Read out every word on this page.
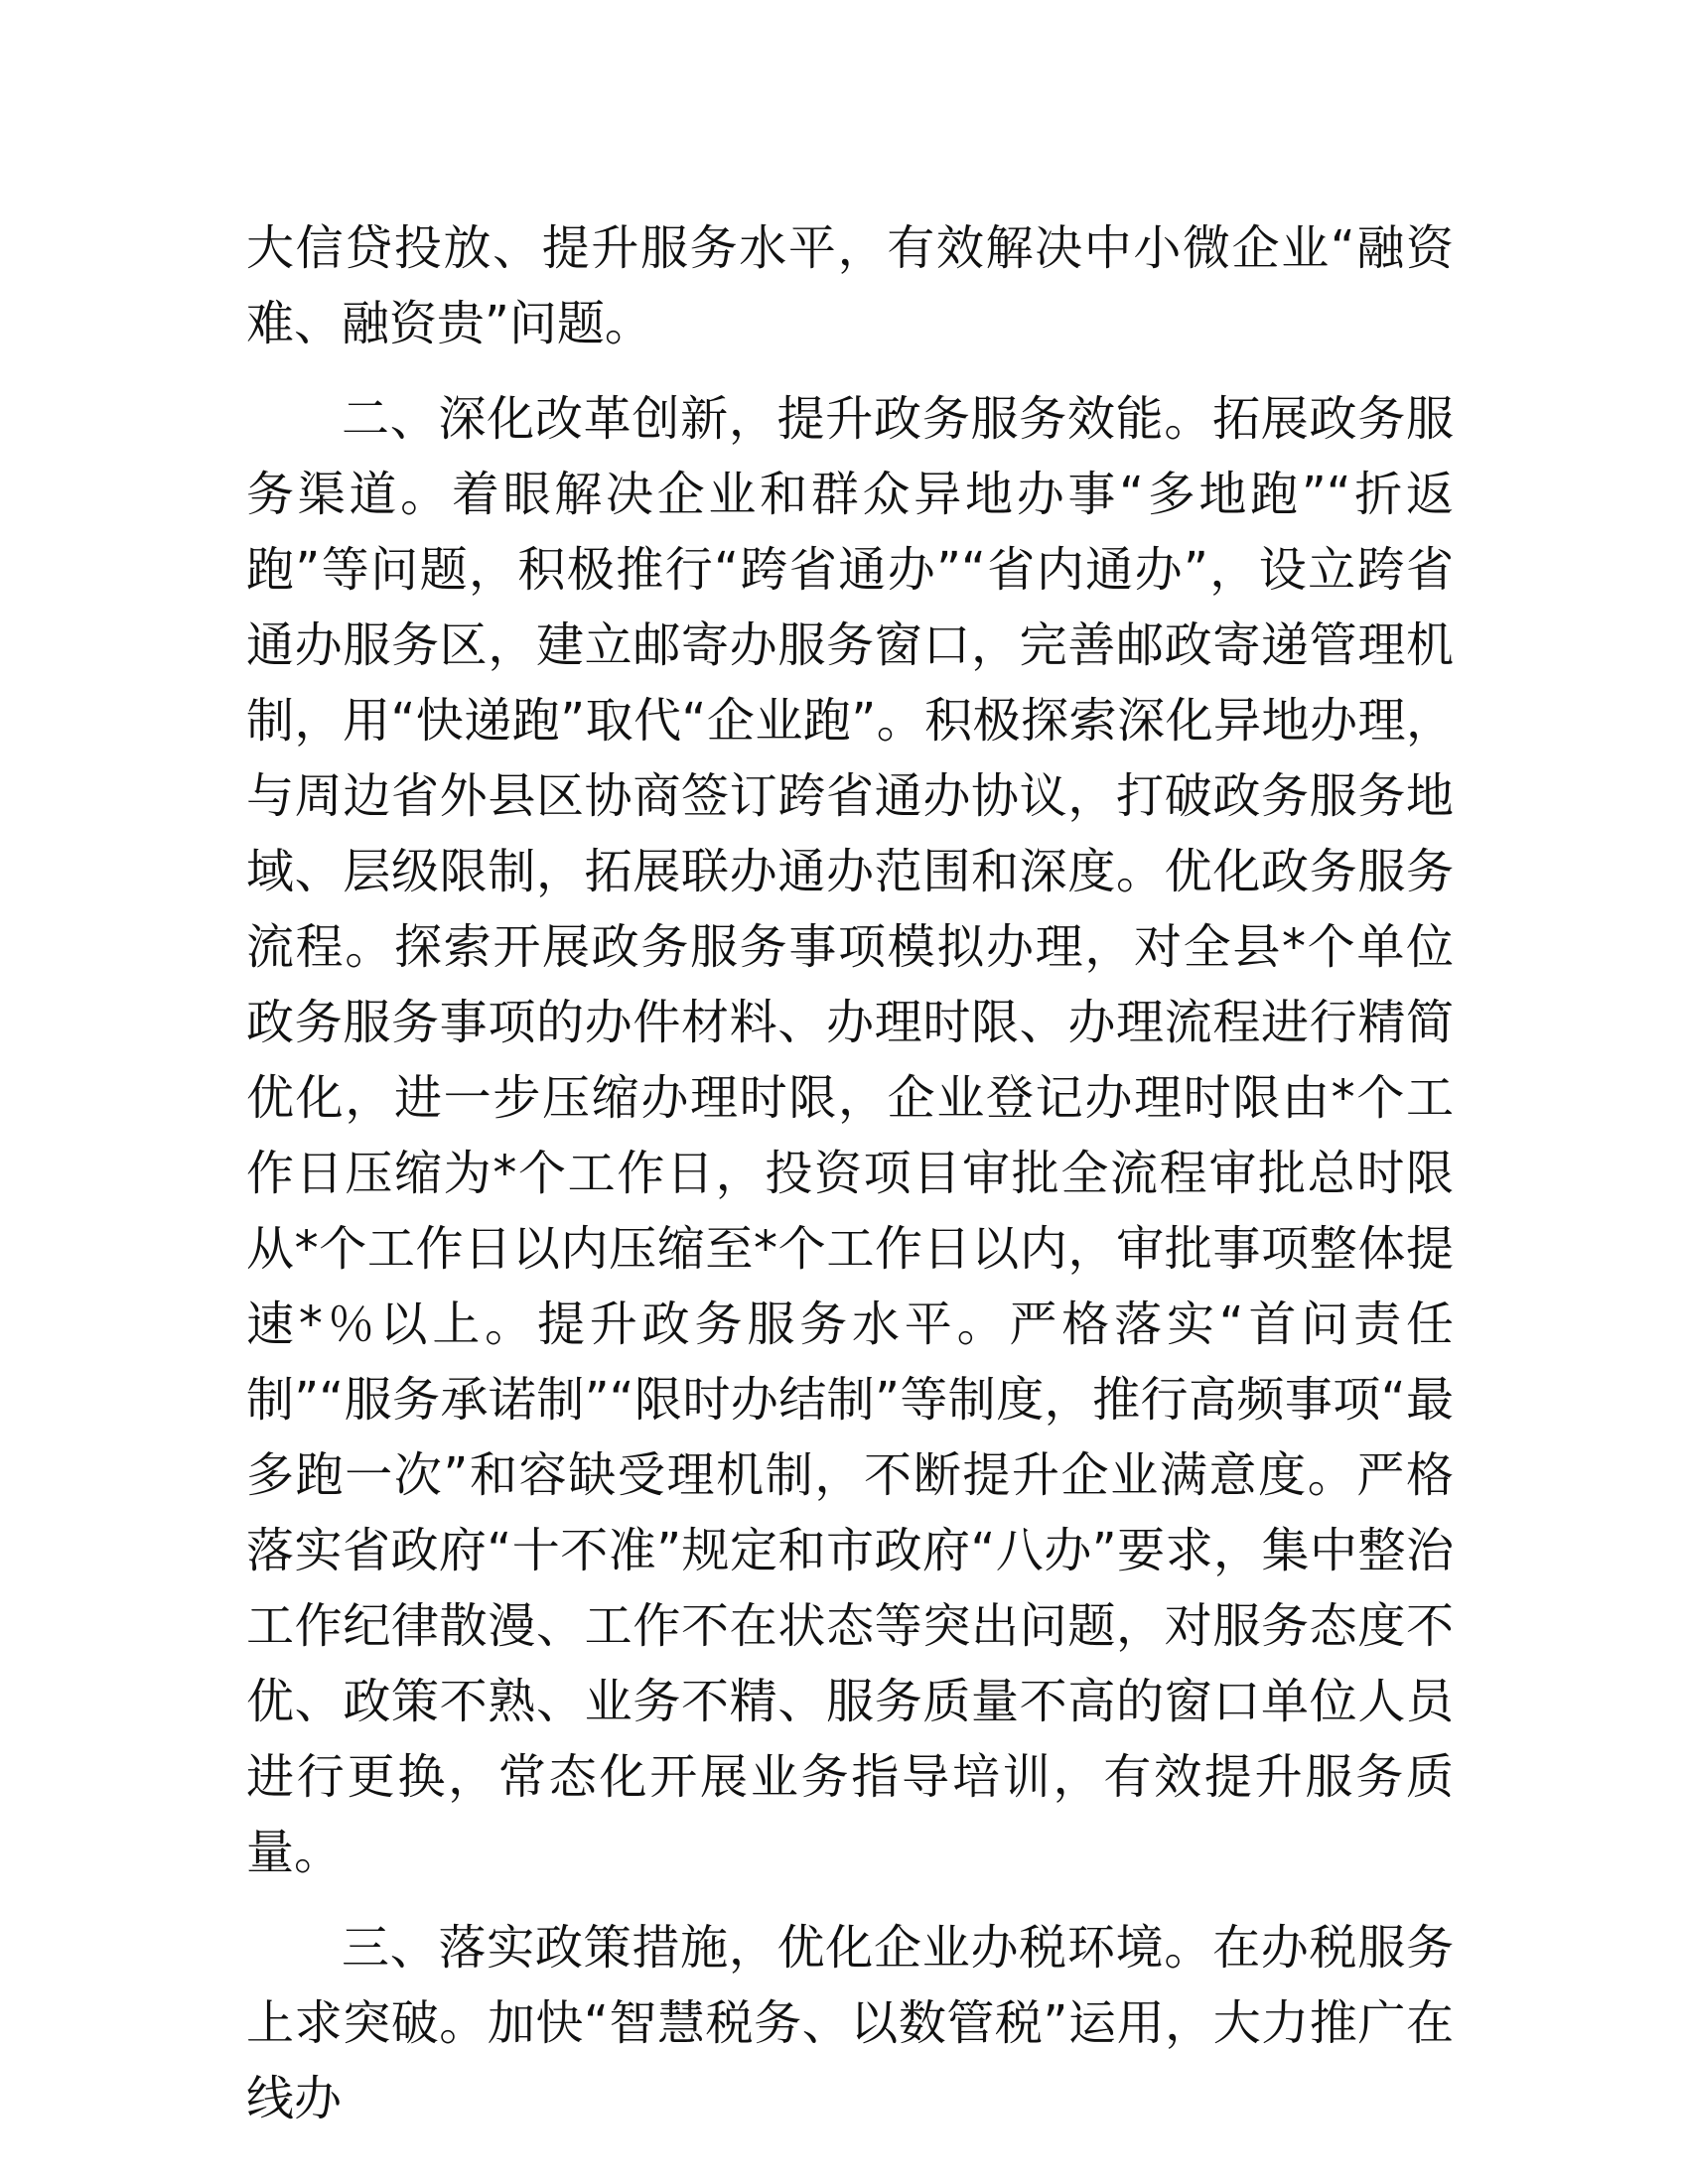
大信贷投放、提升服务水平，有效解决中小微企业“融资难、融资贵”问题。

二、深化改革创新，提升政务服务效能。拓展政务服务渠道。着眼解决企业和群众异地办事“多地跑”“折返跑”等问题，积极推行“跨省通办”“省内通办”，设立跨省通办服务区，建立邮寄办服务窗口，完善邮政寄递管理机制，用“快递跑”取代“企业跑”。积极探索深化异地办理，与周边省外县区协商签订跨省通办协议，打破政务服务地域、层级限制，拓展联办通办范围和深度。优化政务服务流程。探索开展政务服务事项模拟办理，对全县*个单位政务服务事项的办件材料、办理时限、办理流程进行精简优化，进一步压缩办理时限，企业登记办理时限由*个工作日压缩为*个工作日，投资项目审批全流程审批总时限从*个工作日以内压缩至*个工作日以内，审批事项整体提速*％以上。提升政务服务水平。严格落实“首问责任制”“服务承诺制”“限时办结制”等制度，推行高频事项“最多跑一次”和容缺受理机制，不断提升企业满意度。严格落实省政府“十不准”规定和市政府“八办”要求，集中整治工作纪律散漫、工作不在状态等突出问题，对服务态度不优、政策不熟、业务不精、服务质量不高的窗口单位人员进行更换，常态化开展业务指导培训，有效提升服务质量。

三、落实政策措施，优化企业办税环境。在办税服务上求突破。加快“智慧税务、以数管税”运用，大力推广在线办
